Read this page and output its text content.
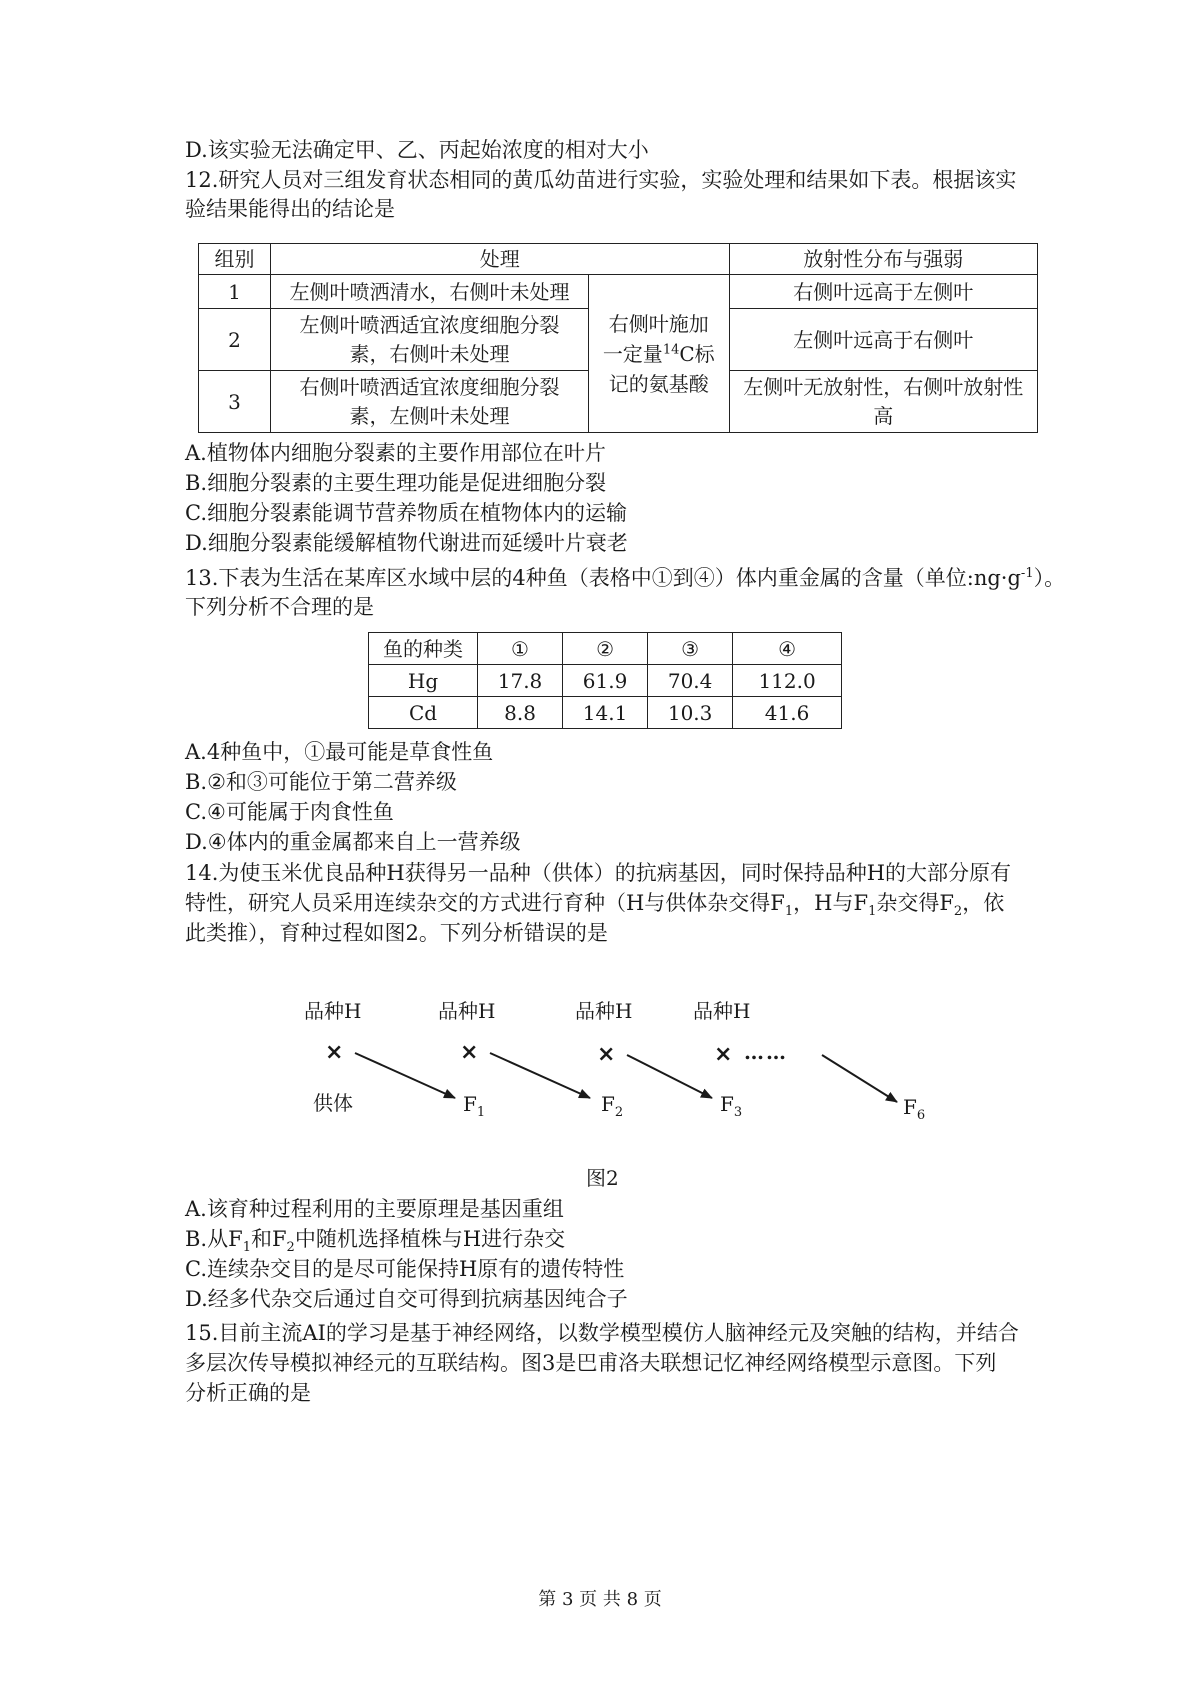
D.该实验无法确定甲、乙、丙起始浓度的相对大小
12.研究人员对三组发育状态相同的黄瓜幼苗进行实验，实验处理和结果如下表。根据该实
验结果能得出的结论是
组别	处理		放射性分布与强弱
1	左侧叶喷洒清水，右侧叶未处理	右侧叶施加一定量$^{14}$C标记的氨基酸	右侧叶远高于左侧叶
2	左侧叶喷洒适宜浓度细胞分裂素，右侧叶未处理		左侧叶远高于右侧叶
3	右侧叶喷洒适宜浓度细胞分裂素，左侧叶未处理		左侧叶无放射性，右侧叶放射性高
A.植物体内细胞分裂素的主要作用部位在叶片
B.细胞分裂素的主要生理功能是促进细胞分裂
C.细胞分裂素能调节营养物质在植物体内的运输
D.细胞分裂素能缓解植物代谢进而延缓叶片衰老
13.下表为生活在某库区水域中层的4种鱼（表格中①到④）体内重金属的含量（单位$:ng\cdot g^{-1}$）。
下列分析不合理的是
鱼的种类	①	②	③	④
Hg	17.8	61.9	70.4	112.0
Cd	8.8	14.1	10.3	41.6
A.4种鱼中，①最可能是草食性鱼
B.②和③可能位于第二营养级
C.④可能属于肉食性鱼
D.④体内的重金属都来自上一营养级
14.为使玉米优良品种H获得另一品种（供体）的抗病基因，同时保持品种H的大部分原有
特性，研究人员采用连续杂交的方式进行育种（H与供体杂交得$F_1$，H与$F_1$杂交得$F_2$，依
此类推），育种过程如图2。下列分析错误的是
品种H	品种H	品种H	品种H
×	×	×	× ……
供体	$F_1$	$F_2$	$F_3$	$F_6$
图2
A.该育种过程利用的主要原理是基因重组
B.从$F_1$和$F_2$中随机选择植株与H进行杂交
C.连续杂交目的是尽可能保持H原有的遗传特性
D.经多代杂交后通过自交可得到抗病基因纯合子
15.目前主流AI的学习是基于神经网络，以数学模型模仿人脑神经元及突触的结构，并结合
多层次传导模拟神经元的互联结构。图3是巴甫洛夫联想记忆神经网络模型示意图。下列
分析正确的是
第 3 页 共 8 页
